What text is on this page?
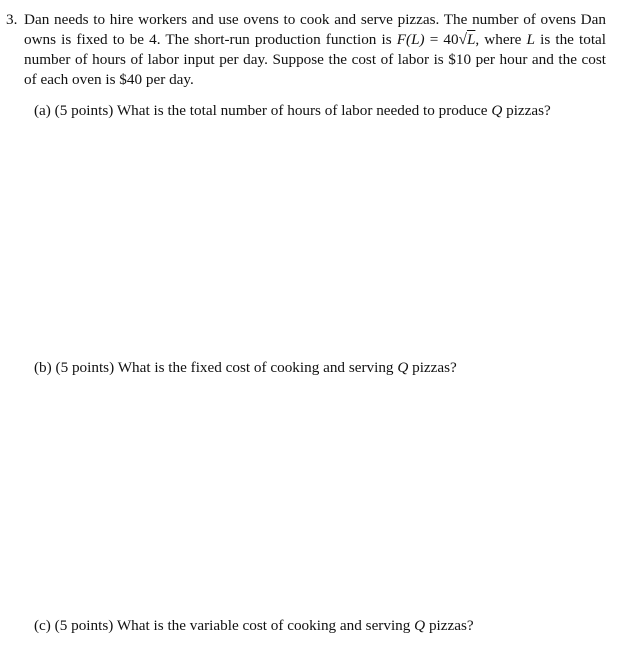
3. Dan needs to hire workers and use ovens to cook and serve pizzas. The number of ovens Dan owns is fixed to be 4. The short-run production function is F(L) = 40√L, where L is the total number of hours of labor input per day. Suppose the cost of labor is $10 per hour and the cost of each oven is $40 per day.
(a) (5 points) What is the total number of hours of labor needed to produce Q pizzas?
(b) (5 points) What is the fixed cost of cooking and serving Q pizzas?
(c) (5 points) What is the variable cost of cooking and serving Q pizzas?
